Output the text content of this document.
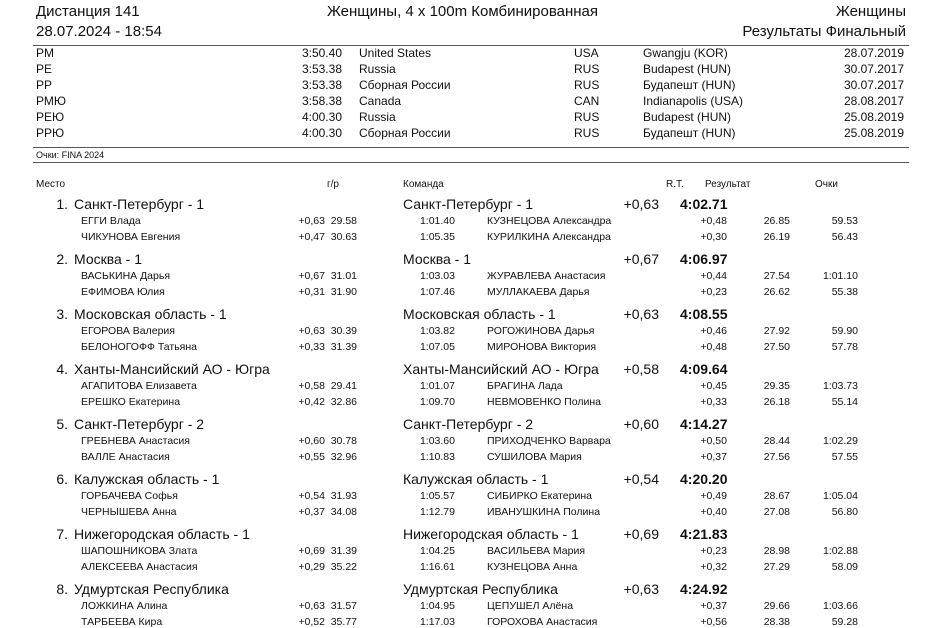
Дистанция 141
28.07.2024 - 18:54
Женщины, 4 x 100m Комбинированная	Женщины
Результаты Финальный
PM	3:50.40 United States	USA	Gwangju (KOR)	28.07.2019
PE	3:53.38 Russia	RUS	Budapest (HUN)	30.07.2017
PP	3:53.38 Сборная России	RUS	Будапешт (HUN)	30.07.2017
РМЮ	3:58.38 Canada	CAN	Indianapolis (USA)	28.08.2017
РЕЮ	4:00.30 Russia	RUS	Budapest (HUN)	25.08.2019
РРЮ	4:00.30 Сборная России	RUS	Будапешт (HUN)	25.08.2019
Очки: FINA 2024
Место	г/р	Команда	R.T. Результат	Очки
1. Санкт-Петербург - 1	Санкт-Петербург - 1	+0,63 4:02.71
ЕГГИ Влада	+0,63 29.58	1:01.40	КУЗНЕЦОВА Александра	+0,48	26.85	59.53
ЧИКУНОВА Евгения	+0,47 30.63	1:05.35	КУРИЛКИНА Александра	+0,30	26.19	56.43
2. Москва - 1	Москва - 1	+0,67 4:06.97
ВАСЬКИНА Дарья	+0,67 31.01	1:03.03	ЖУРАВЛЕВА Анастасия	+0,44	27.54	1:01.10
ЕФИМОВА Юлия	+0,31 31.90	1:07.46	МУЛЛАКАЕВА Дарья	+0,23	26.62	55.38
3. Московская область - 1	Московская область - 1	+0,63 4:08.55
ЕГОРОВА Валерия	+0,63 30.39	1:03.82	РОГОЖИНОВА Дарья	+0,46	27.92	59.90
БЕЛОНОГОФФ Татьяна	+0,33 31.39	1:07.05	МИРОНОВА Виктория	+0,48	27.50	57.78
4. Ханты-Мансийский АО - Югра	Ханты-Мансийский АО - Югра	+0,58 4:09.64
АГАПИТОВА Елизавета	+0,58 29.41	1:01.07	БРАГИНА Лада	+0,45	29.35	1:03.73
ЕРЕШКО Екатерина	+0,42 32.86	1:09.70	НЕВМОВЕНКО Полина	+0,33	26.18	55.14
5. Санкт-Петербург - 2	Санкт-Петербург - 2	+0,60 4:14.27
ГРЕБНЕВА Анастасия	+0,60 30.78	1:03.60	ПРИХОДЧЕНКО Варвара	+0,50	28.44	1:02.29
ВАЛЛЕ Анастасия	+0,55 32.96	1:10.83	СУШИЛОВА Мария	+0,37	27.56	57.55
6. Калужская область - 1	Калужская область - 1	+0,54 4:20.20
ГОРБАЧЕВА Софья	+0,54 31.93	1:05.57	СИБИРКО Екатерина	+0,49	28.67	1:05.04
ЧЕРНЫШЕВА Анна	+0,37 34.08	1:12.79	ИВАНУШКИНА Полина	+0,40	27.08	56.80
7. Нижегородская область - 1	Нижегородская область - 1	+0,69 4:21.83
ШАПОШНИКОВА Злата	+0,69 31.39	1:04.25	ВАСИЛЬЕВА Мария	+0,23	28.98	1:02.88
АЛЕКСЕЕВА Анастасия	+0,29 35.22	1:16.61	КУЗНЕЦОВА Анна	+0,32	27.29	58.09
8. Удмуртская Республика	Удмуртская Республика	+0,63 4:24.92
ЛОЖКИНА Алина	+0,63 31.57	1:04.95	ЦЕПУШЕЛ Алёна	+0,37	29.66	1:03.66
ТАРБЕЕВА Кира	+0,52 35.77	1:17.03	ГОРОХОВА Анастасия	+0,56	28.38	59.28
